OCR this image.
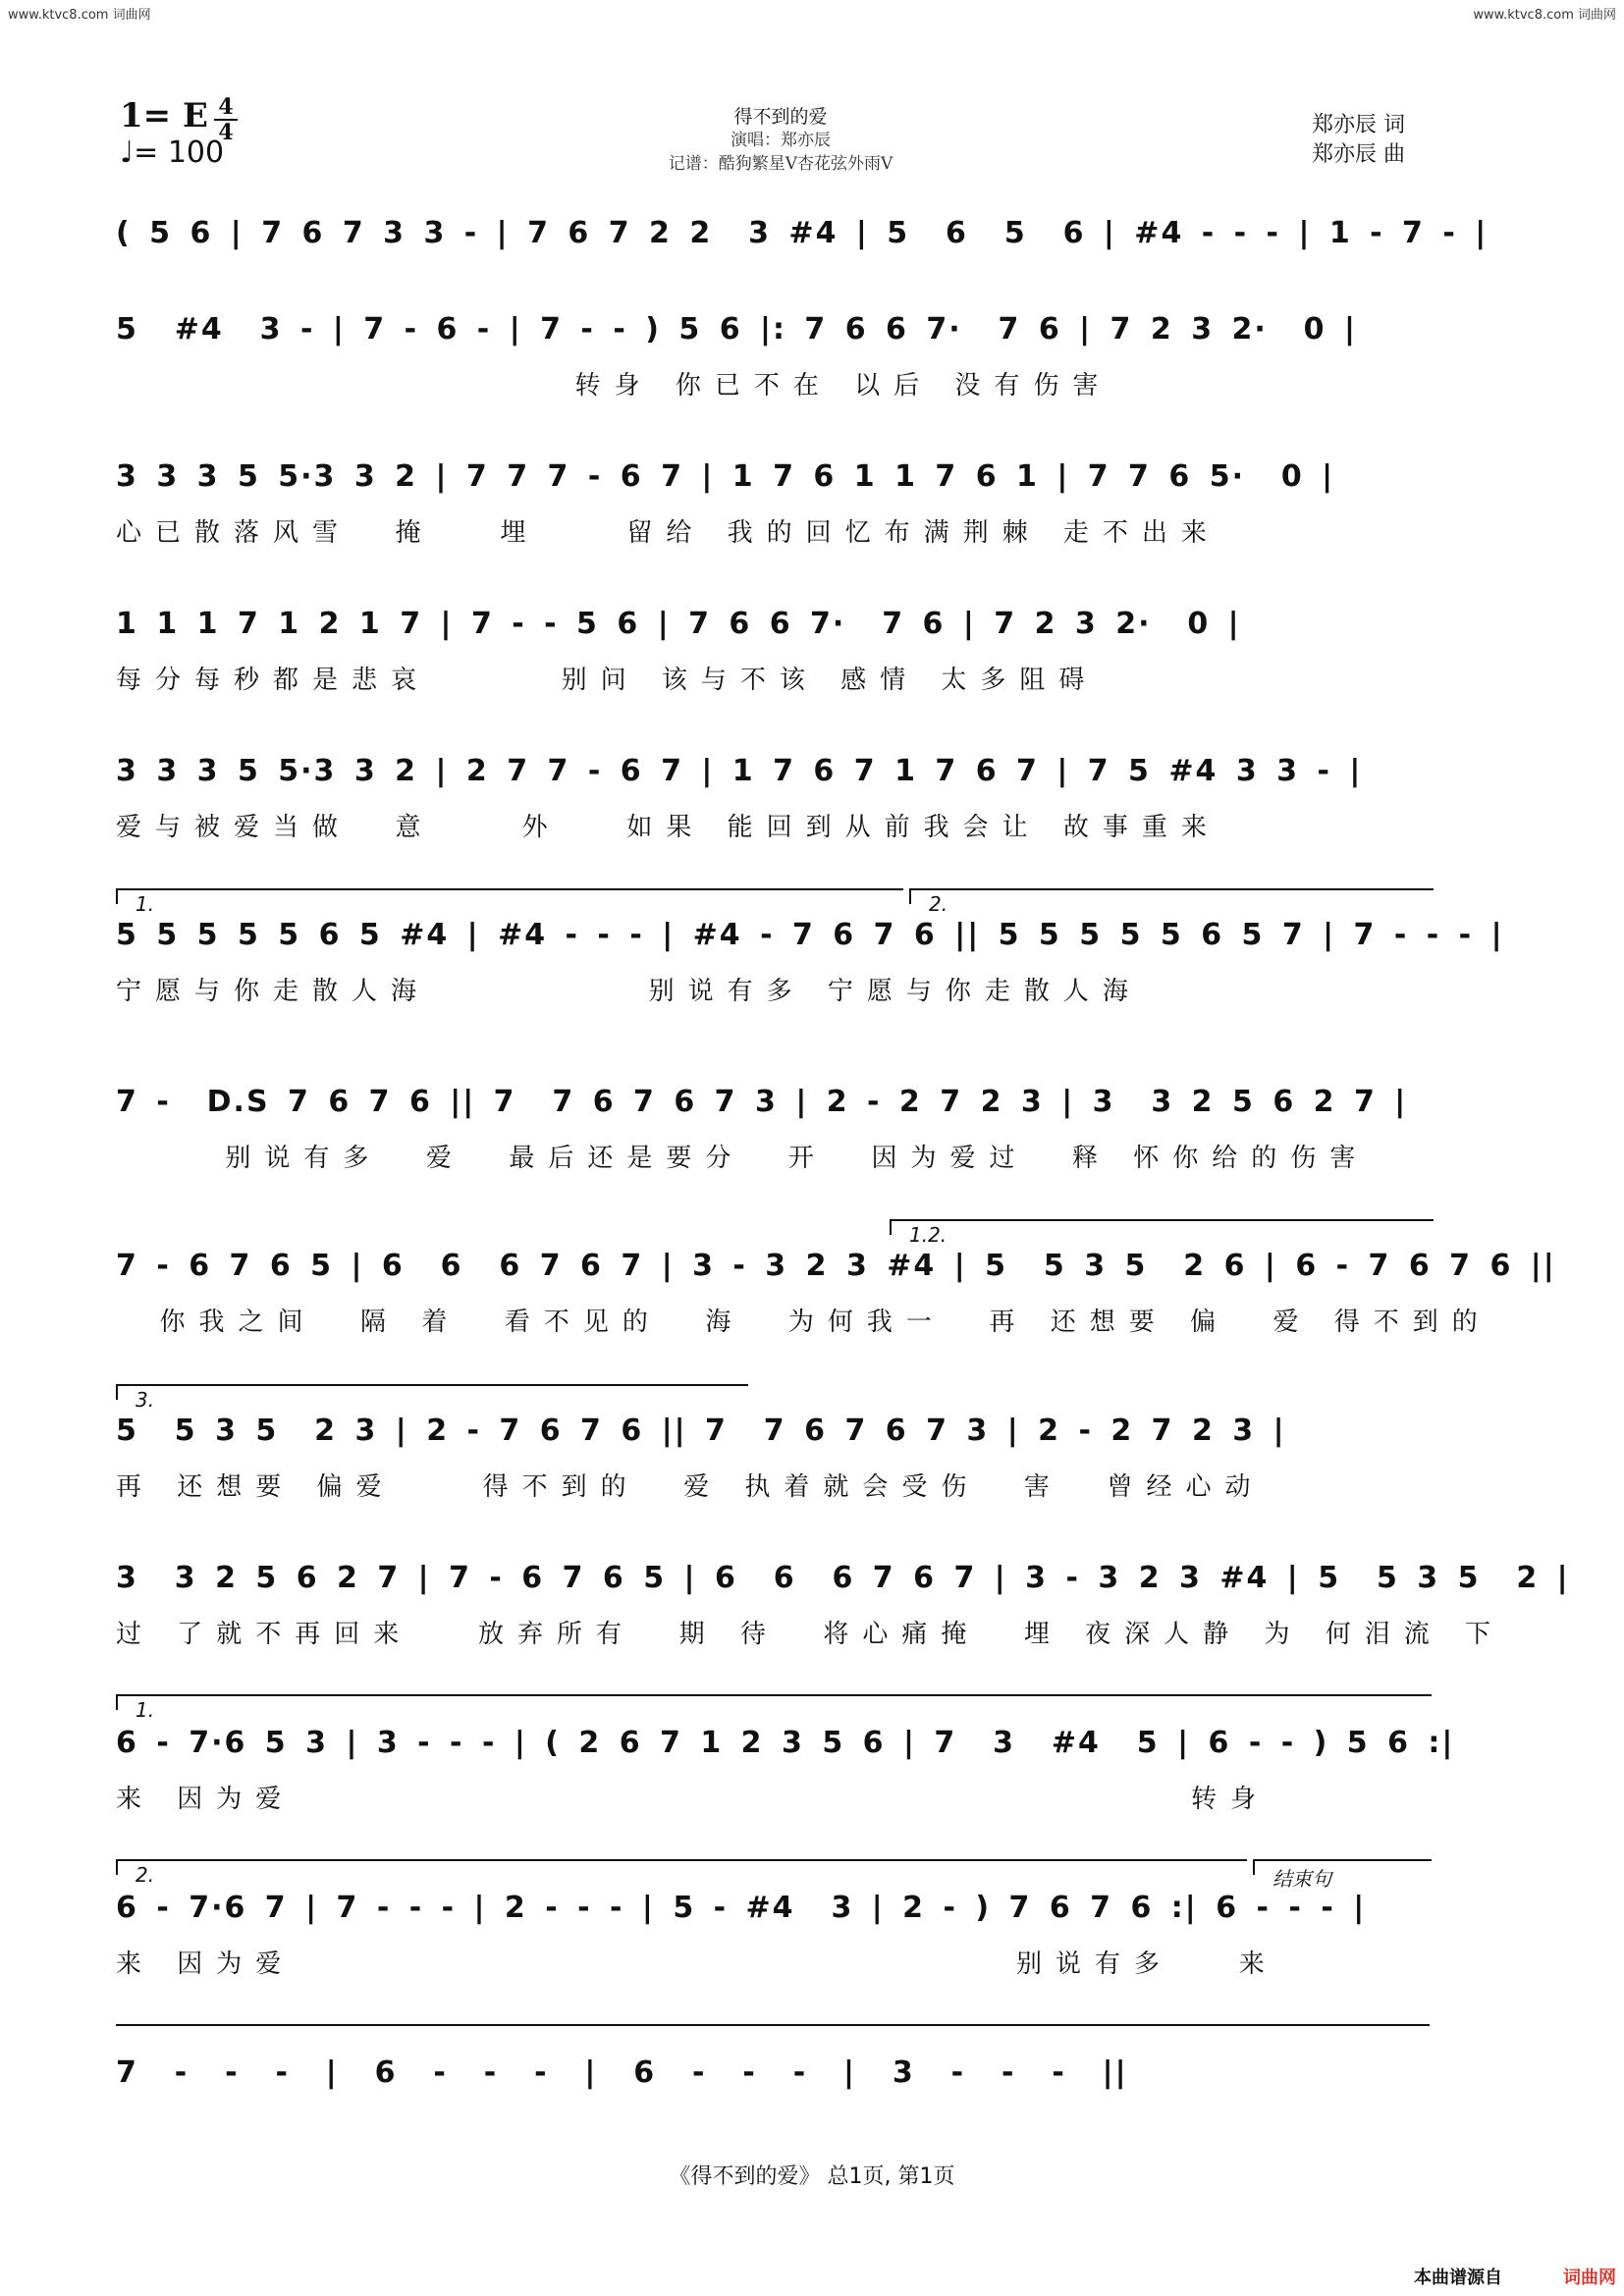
www.ktvc8.com 词曲网	www.ktvc8.com 词曲网
1= E 4
4
♩= 100
得不到的爱
演唱：郑亦辰
记谱：酷狗繁星V杏花弦外雨V
郑亦辰 词
郑亦辰 曲
( 5 6 | 7 6 7 3 3 - | 7 6 7 2 2  3 #4 | 5  6  5  6 | #4 - - - | 1 - 7 - |
5  #4  3 - | 7 - 6 - | 7 - - ) 5 6 |: 7 6 6 7·  7 6 | 7 2 3 2·  0 |
转身 你已不在 以后 没有伤害
3 3 3 5 5·3 3 2 | 7 7 7 - 6 7 | 1 7 6 1 1 7 6 1 | 7 7 6 5·  0 |
心已散落风雪  掩   埋    留给 我的回忆布满荆棘 走不出来
1 1 1 7 1 2 1 7 | 7 - - 5 6 | 7 6 6 7·  7 6 | 7 2 3 2·  0 |
每分每秒都是悲哀      别问 该与不该 感情 太多阻碍
3 3 3 5 5·3 3 2 | 2 7 7 - 6 7 | 1 7 6 7 1 7 6 7 | 7 5 #4 3 3 - |
爱与被爱当做  意    外   如果 能回到从前我会让 故事重来
5 5 5 5 5 6 5 #4 | #4 - - - | #4 - 7 6 7 6 || 5 5 5 5 5 6 5 7 | 7 - - - |
宁愿与你走散人海          别说有多 宁愿与你走散人海
7 -  D.S 7 6 7 6 || 7  7 6 7 6 7 3 | 2 - 2 7 2 3 | 3  3 2 5 6 2 7 |
别说有多  爱  最后还是要分  开  因为爱过  释 怀你给的伤害
7 - 6 7 6 5 | 6  6  6 7 6 7 | 3 - 3 2 3 #4 | 5  5 3 5  2 6 | 6 - 7 6 7 6 ||
你我之间  隔 着  看不见的  海  为何我一  再 还想要 偏  爱 得不到的
5  5 3 5  2 3 | 2 - 7 6 7 6 || 7  7 6 7 6 7 3 | 2 - 2 7 2 3 |
再 还想要 偏爱    得不到的  爱 执着就会受伤  害  曾经心动
3  3 2 5 6 2 7 | 7 - 6 7 6 5 | 6  6  6 7 6 7 | 3 - 3 2 3 #4 | 5  5 3 5  2 |
过 了就不再回来   放弃所有  期 待  将心痛掩  埋 夜深人静 为 何泪流 下
6 - 7·6 5 3 | 3 - - - | ( 2 6 7 1 2 3 5 6 | 7  3  #4  5 | 6 - - ) 5 6 :|
来 因为爱                                         转身
6 - 7·6 7 | 7 - - - | 2 - - - | 5 - #4  3 | 2 - ) 7 6 7 6 :| 6 - - - |
来 因为爱                                 别说有多   来
7  -  -  -  |  6  -  -  -  |  6  -  -  -  |  3  -  -  -  ||
1.	2.
1.2.
3.
1.
2.	结束句
《得不到的爱》 总1页, 第1页
本曲谱源自	词曲网
